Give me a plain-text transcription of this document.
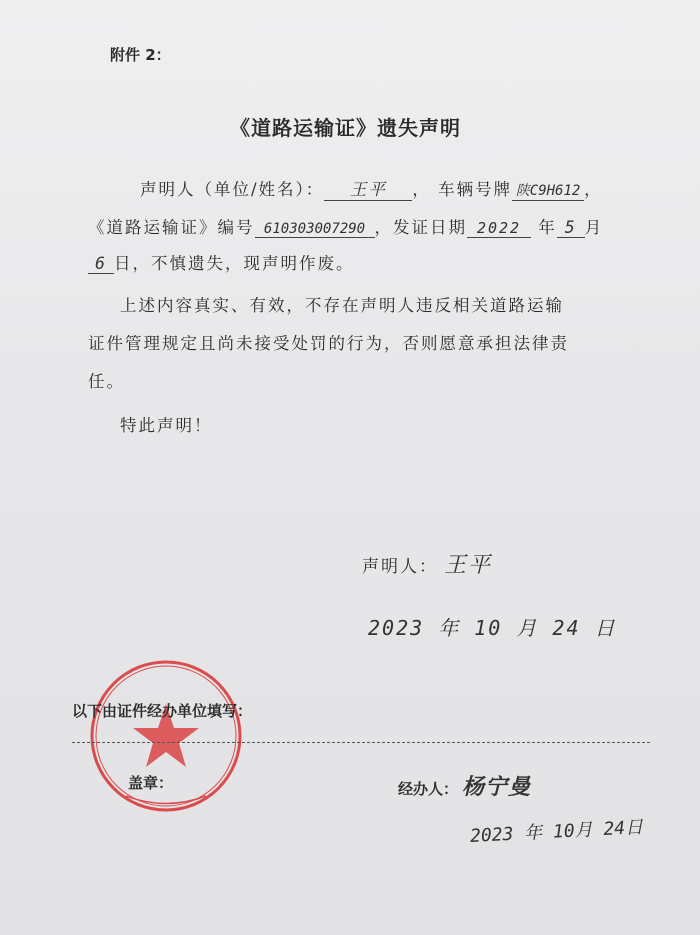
附件 2：
《道路运输证》遗失声明
声明人（单位/姓名）： 王平 ， 车辆号牌 陕C9H612 ，
《道路运输证》编号 610303007290 ，发证日期 2022 年 5 月
6 日，不慎遗失，现声明作废。
上述内容真实、有效，不存在声明人违反相关道路运输
证件管理规定且尚未接受处罚的行为，否则愿意承担法律责
任。
特此声明！
声明人： 王平
2023 年 10 月 24 日
以下由证件经办单位填写：
盖章：	经办人： 杨宁曼
2023 年 10月 24日
